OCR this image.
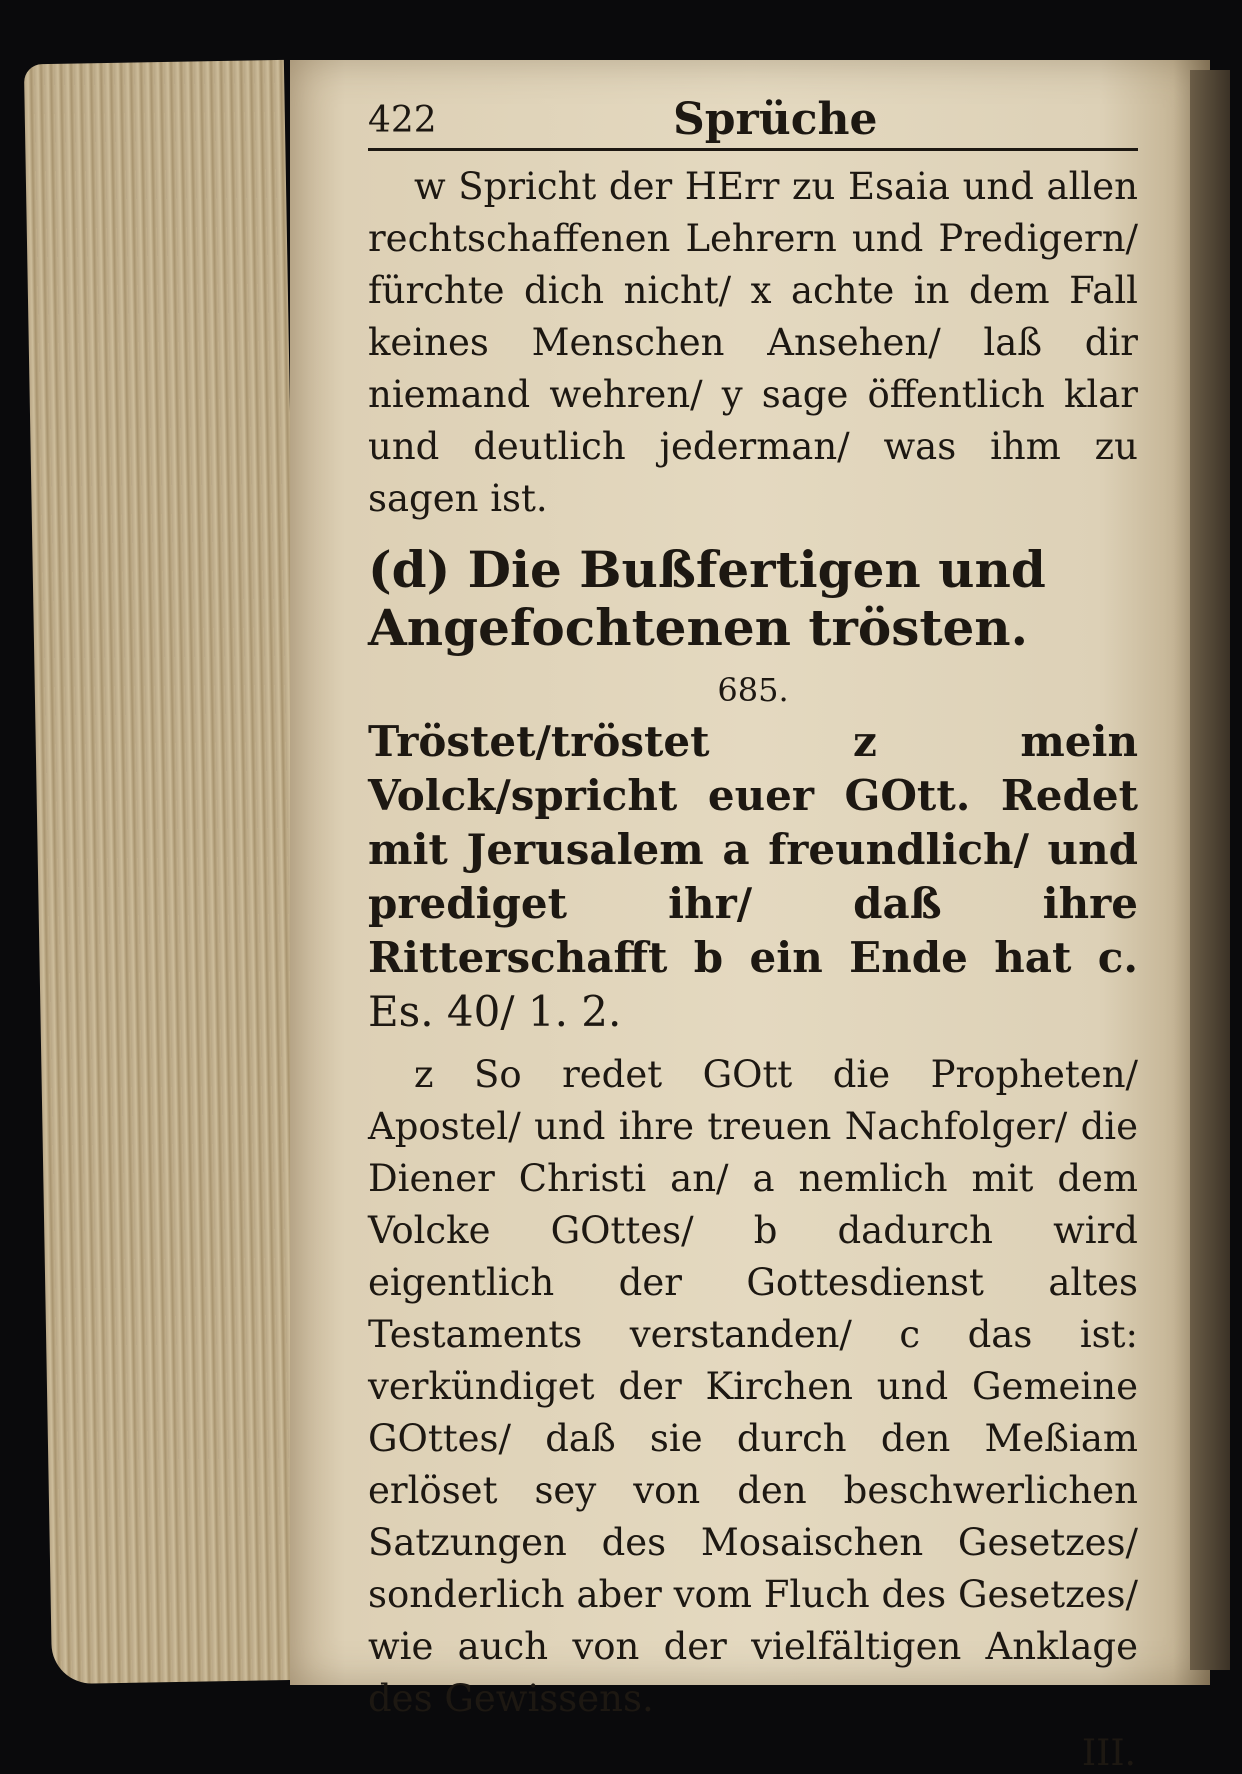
422	Sprüche

w Spricht der HErr zu Esaia und allen rechtschaffenen Lehrern und Predigern/ fürchte dich nicht/ x achte in dem Fall keines Menschen Ansehen/ laß dir niemand wehren/ y sage öffentlich klar und deutlich jederman/ was ihm zu sagen ist.

(d) Die Bußfertigen und Angefochtenen trösten.

685.

Tröstet/tröstet z mein Volck/spricht euer GOtt. Redet mit Jerusalem a freundlich/ und prediget ihr/ daß ihre Ritterschafft b ein Ende hat c. Es. 40/ 1. 2.

z So redet GOtt die Propheten/ Apostel/ und ihre treuen Nachfolger/ die Diener Christi an/ a nemlich mit dem Volcke GOttes/ b dadurch wird eigentlich der Gottesdienst altes Testaments verstanden/ c das ist: verkündiget der Kirchen und Gemeine GOttes/ daß sie durch den Meßiam erlöset sey von den beschwerlichen Satzungen des Mosaischen Gesetzes/ sonderlich aber vom Fluch des Gesetzes/ wie auch von der vielfältigen Anklage des Gewissens.

III.
